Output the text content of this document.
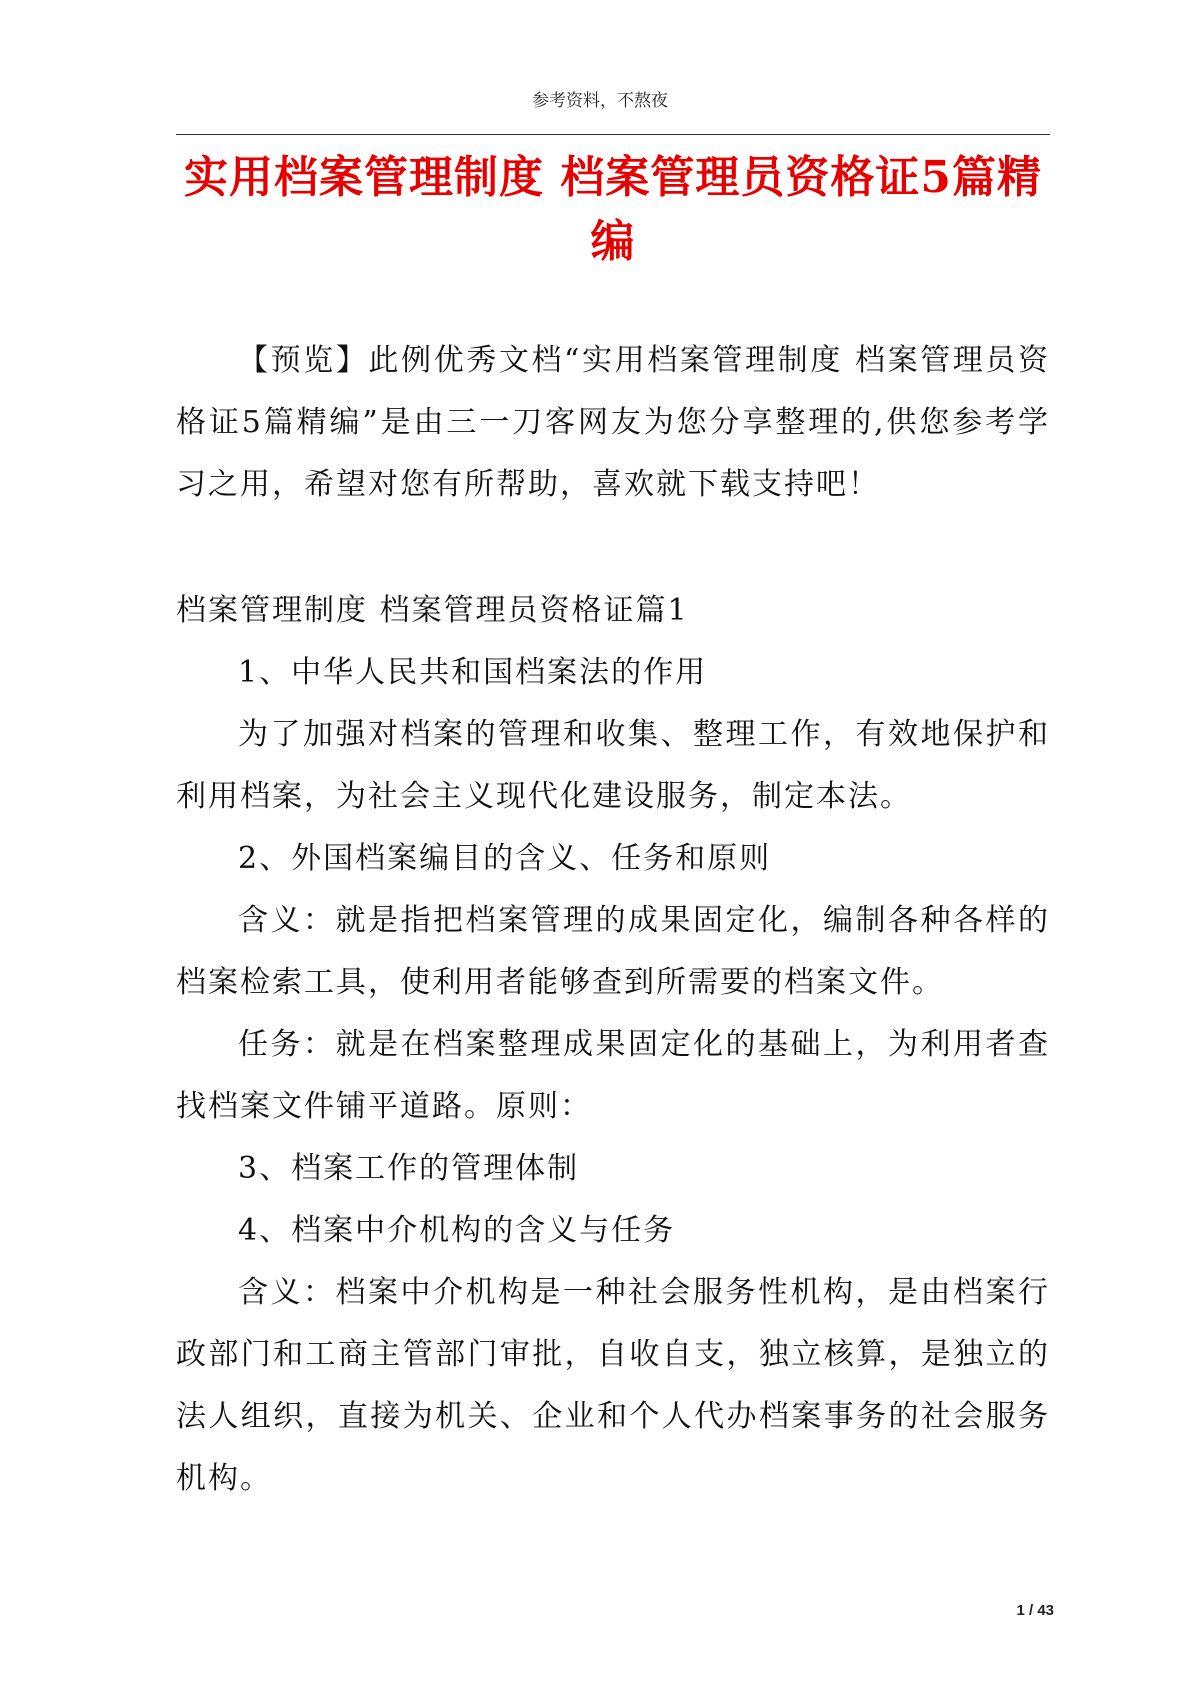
参考资料，不熬夜
实用档案管理制度 档案管理员资格证5篇精编

【预览】此例优秀文档“实用档案管理制度 档案管理员资格证5篇精编”是由三一刀客网友为您分享整理的,供您参考学习之用，希望对您有所帮助，喜欢就下载支持吧！

档案管理制度 档案管理员资格证篇1

1、中华人民共和国档案法的作用

为了加强对档案的管理和收集、整理工作，有效地保护和利用档案，为社会主义现代化建设服务，制定本法。

2、外国档案编目的含义、任务和原则

含义：就是指把档案管理的成果固定化，编制各种各样的档案检索工具，使利用者能够查到所需要的档案文件。

任务：就是在档案整理成果固定化的基础上，为利用者查找档案文件铺平道路。原则：

3、档案工作的管理体制

4、档案中介机构的含义与任务

含义：档案中介机构是一种社会服务性机构，是由档案行政部门和工商主管部门审批，自收自支，独立核算，是独立的法人组织，直接为机关、企业和个人代办档案事务的社会服务机构。

1 / 43
